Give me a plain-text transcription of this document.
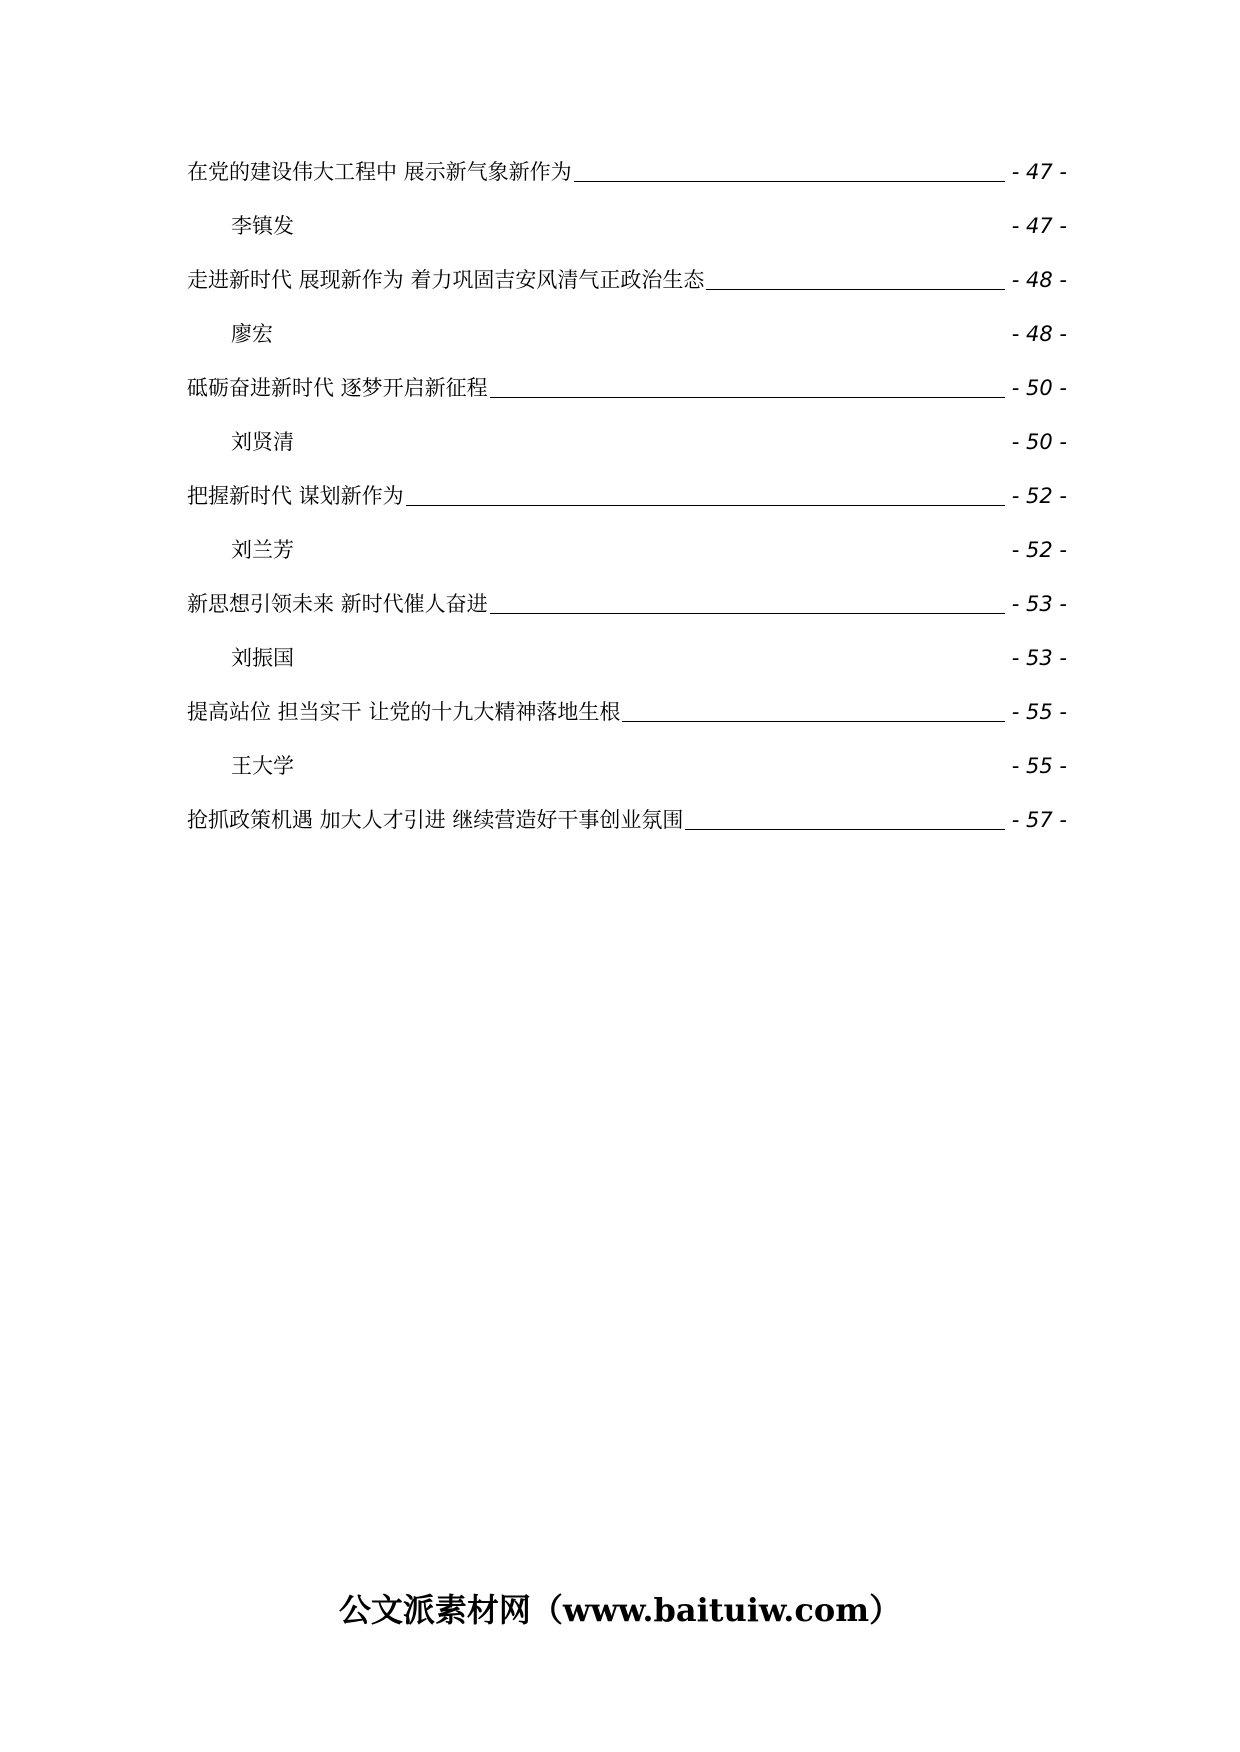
在党的建设伟大工程中 展示新气象新作为	- 47 -
李镇发	- 47 -
走进新时代 展现新作为 着力巩固吉安风清气正政治生态	- 48 -
廖宏	- 48 -
砥砺奋进新时代 逐梦开启新征程	- 50 -
刘贤清	- 50 -
把握新时代 谋划新作为	- 52 -
刘兰芳	- 52 -
新思想引领未来 新时代催人奋进	- 53 -
刘振国	- 53 -
提高站位 担当实干 让党的十九大精神落地生根	- 55 -
王大学	- 55 -
抢抓政策机遇 加大人才引进 继续营造好干事创业氛围	- 57 -
公文派素材网（www.baituiw.com）
